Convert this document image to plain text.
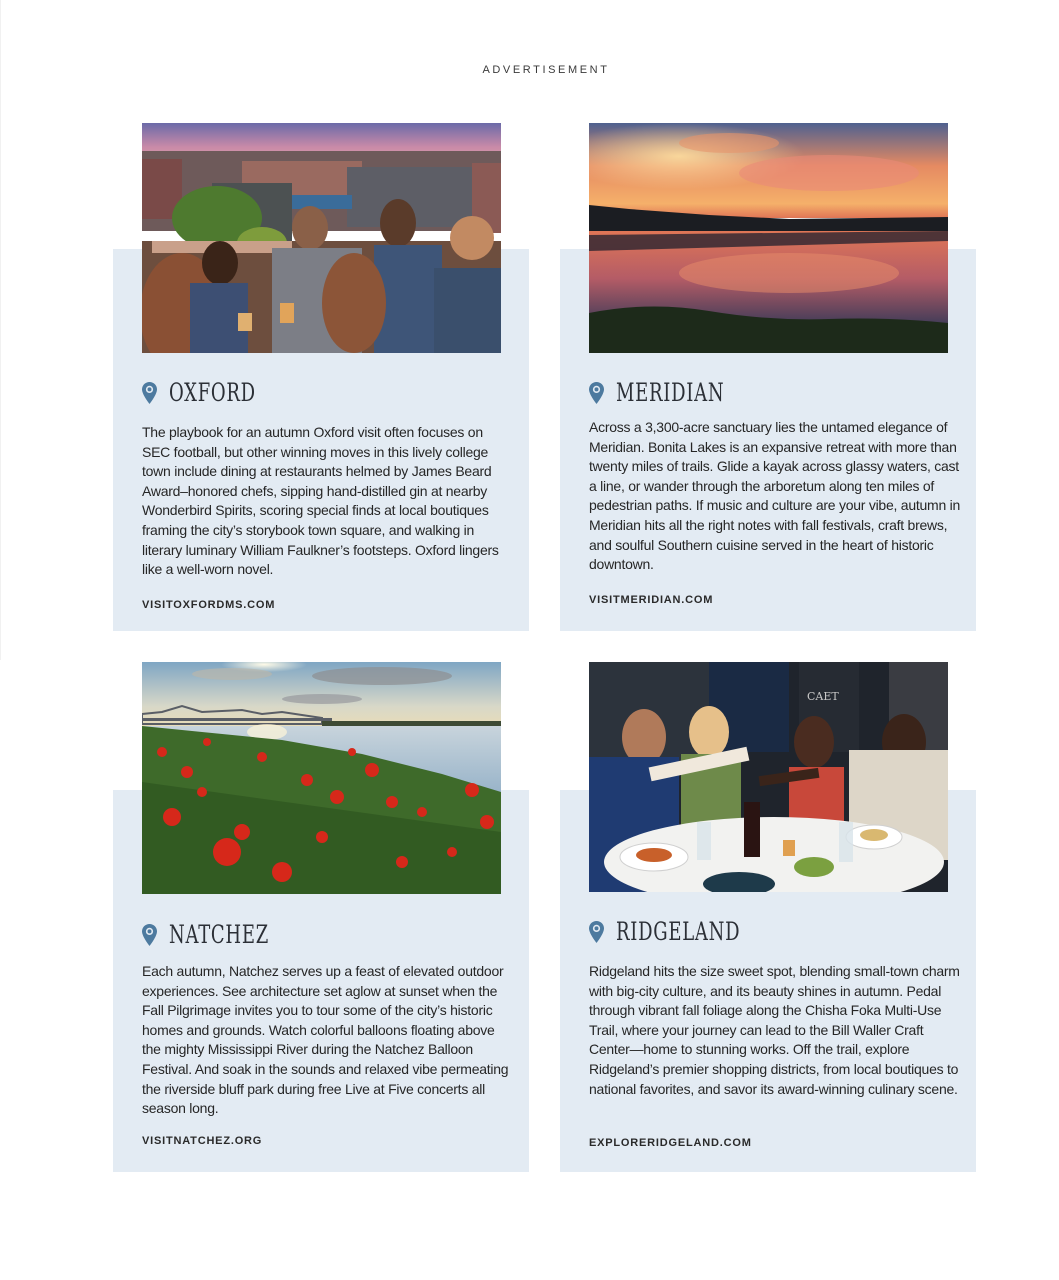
ADVERTISEMENT
OXFORD
The playbook for an autumn Oxford visit often focuses on SEC football, but other winning moves in this lively college town include dining at restaurants helmed by James Beard Award–honored chefs, sipping hand-distilled gin at nearby Wonderbird Spirits, scoring special finds at local boutiques framing the city’s storybook town square, and walking in literary luminary William Faulkner’s footsteps. Oxford lingers like a well-worn novel.
VISITOXFORDMS.COM
MERIDIAN
Across a 3,300-acre sanctuary lies the untamed elegance of Meridian. Bonita Lakes is an expansive retreat with more than twenty miles of trails. Glide a kayak across glassy waters, cast a line, or wander through the arboretum along ten miles of pedestrian paths. If music and culture are your vibe, autumn in Meridian hits all the right notes with fall festivals, craft brews, and soulful Southern cuisine served in the heart of historic downtown.
VISITMERIDIAN.COM
NATCHEZ
Each autumn, Natchez serves up a feast of elevated outdoor experiences. See architecture set aglow at sunset when the Fall Pilgrimage invites you to tour some of the city’s historic homes and grounds. Watch colorful balloons floating above the mighty Mississippi River during the Natchez Balloon Festival. And soak in the sounds and relaxed vibe permeating the riverside bluff park during free Live at Five concerts all season long.
VISITNATCHEZ.ORG
CAET
RIDGELAND
Ridgeland hits the size sweet spot, blending small-town charm with big-city culture, and its beauty shines in autumn. Pedal through vibrant fall foliage along the Chisha Foka Multi-Use Trail, where your journey can lead to the Bill Waller Craft Center—home to stunning works. Off the trail, explore Ridgeland’s premier shopping districts, from local boutiques to national favorites, and savor its award-winning culinary scene.
EXPLORERIDGELAND.COM
